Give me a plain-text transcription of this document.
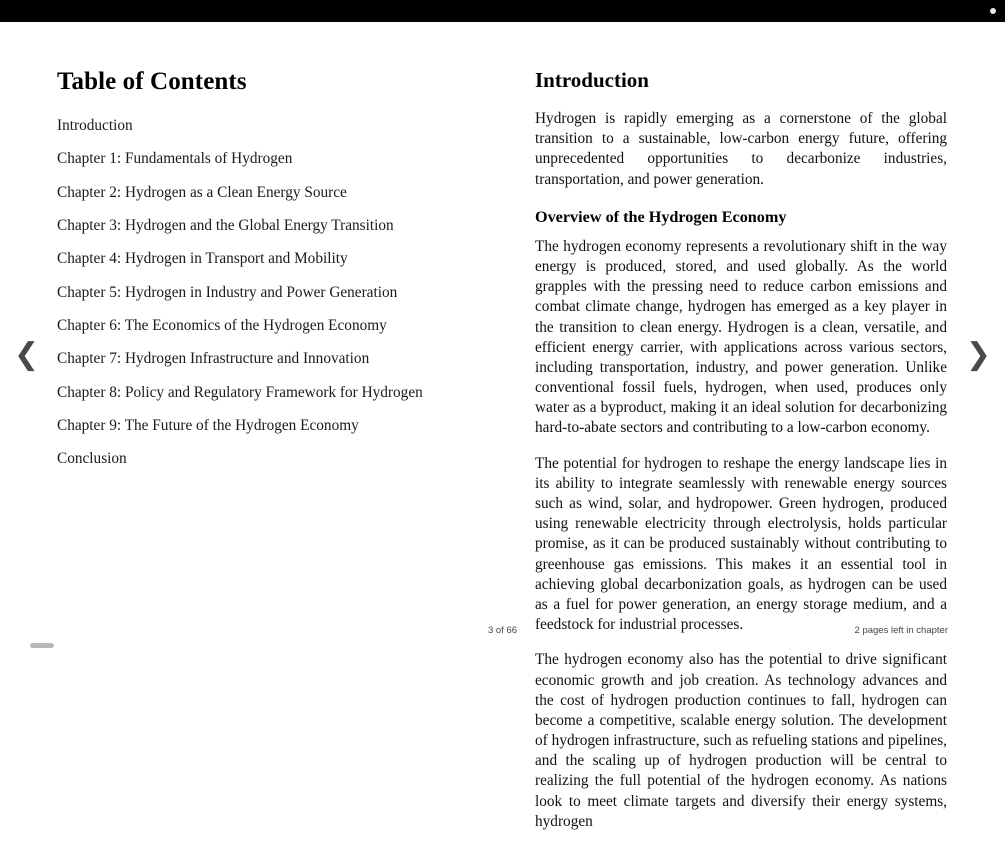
❮	❯
Table of Contents
Introduction
Chapter 1: Fundamentals of Hydrogen
Chapter 2: Hydrogen as a Clean Energy Source
Chapter 3: Hydrogen and the Global Energy Transition
Chapter 4: Hydrogen in Transport and Mobility
Chapter 5: Hydrogen in Industry and Power Generation
Chapter 6: The Economics of the Hydrogen Economy
Chapter 7: Hydrogen Infrastructure and Innovation
Chapter 8: Policy and Regulatory Framework for Hydrogen
Chapter 9: The Future of the Hydrogen Economy
Conclusion
Introduction

Hydrogen is rapidly emerging as a cornerstone of the global transition to a sustainable, low-carbon energy future, offering unprecedented opportunities to decarbonize industries, transportation, and power generation.

Overview of the Hydrogen Economy

The hydrogen economy represents a revolutionary shift in the way energy is produced, stored, and used globally. As the world grapples with the pressing need to reduce carbon emissions and combat climate change, hydrogen has emerged as a key player in the transition to clean energy. Hydrogen is a clean, versatile, and efficient energy carrier, with applications across various sectors, including transportation, industry, and power generation. Unlike conventional fossil fuels, hydrogen, when used, produces only water as a byproduct, making it an ideal solution for decarbonizing hard-to-abate sectors and contributing to a low-carbon economy.

The potential for hydrogen to reshape the energy landscape lies in its ability to integrate seamlessly with renewable energy sources such as wind, solar, and hydropower. Green hydrogen, produced using renewable electricity through electrolysis, holds particular promise, as it can be produced sustainably without contributing to greenhouse gas emissions. This makes it an essential tool in achieving global decarbonization goals, as hydrogen can be used as a fuel for power generation, an energy storage medium, and a feedstock for industrial processes.

The hydrogen economy also has the potential to drive significant economic growth and job creation. As technology advances and the cost of hydrogen production continues to fall, hydrogen can become a competitive, scalable energy solution. The development of hydrogen infrastructure, such as refueling stations and pipelines, and the scaling up of hydrogen production will be central to realizing the full potential of the hydrogen economy. As nations look to meet climate targets and diversify their energy systems, hydrogen

3 of 66	2 pages left in chapter
